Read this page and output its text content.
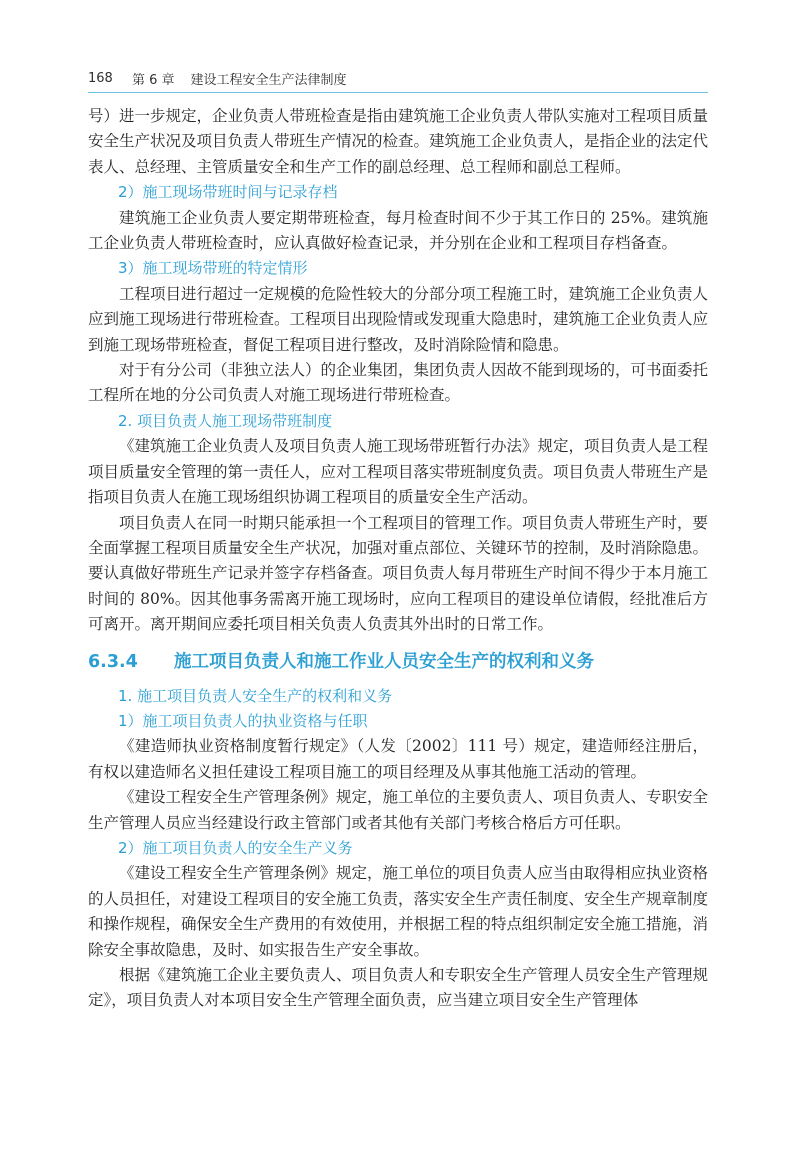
168	第 6 章 建设工程安全生产法律制度

号）进一步规定，企业负责人带班检查是指由建筑施工企业负责人带队实施对工程项目质量安全生产状况及项目负责人带班生产情况的检查。建筑施工企业负责人，是指企业的法定代表人、总经理、主管质量安全和生产工作的副总经理、总工程师和副总工程师。

2）施工现场带班时间与记录存档

建筑施工企业负责人要定期带班检查，每月检查时间不少于其工作日的 25%。建筑施工企业负责人带班检查时，应认真做好检查记录，并分别在企业和工程项目存档备查。

3）施工现场带班的特定情形

工程项目进行超过一定规模的危险性较大的分部分项工程施工时，建筑施工企业负责人应到施工现场进行带班检查。工程项目出现险情或发现重大隐患时，建筑施工企业负责人应到施工现场带班检查，督促工程项目进行整改，及时消除险情和隐患。

对于有分公司（非独立法人）的企业集团，集团负责人因故不能到现场的，可书面委托工程所在地的分公司负责人对施工现场进行带班检查。

2. 项目负责人施工现场带班制度

《建筑施工企业负责人及项目负责人施工现场带班暂行办法》规定，项目负责人是工程项目质量安全管理的第一责任人，应对工程项目落实带班制度负责。项目负责人带班生产是指项目负责人在施工现场组织协调工程项目的质量安全生产活动。

项目负责人在同一时期只能承担一个工程项目的管理工作。项目负责人带班生产时，要全面掌握工程项目质量安全生产状况，加强对重点部位、关键环节的控制，及时消除隐患。要认真做好带班生产记录并签字存档备查。项目负责人每月带班生产时间不得少于本月施工时间的 80%。因其他事务需离开施工现场时，应向工程项目的建设单位请假，经批准后方可离开。离开期间应委托项目相关负责人负责其外出时的日常工作。

6.3.4 施工项目负责人和施工作业人员安全生产的权利和义务
1. 施工项目负责人安全生产的权利和义务
1）施工项目负责人的执业资格与任职

《建造师执业资格制度暂行规定》（人发〔2002〕111 号）规定，建造师经注册后，有权以建造师名义担任建设工程项目施工的项目经理及从事其他施工活动的管理。

《建设工程安全生产管理条例》规定，施工单位的主要负责人、项目负责人、专职安全生产管理人员应当经建设行政主管部门或者其他有关部门考核合格后方可任职。

2）施工项目负责人的安全生产义务

《建设工程安全生产管理条例》规定，施工单位的项目负责人应当由取得相应执业资格的人员担任，对建设工程项目的安全施工负责，落实安全生产责任制度、安全生产规章制度和操作规程，确保安全生产费用的有效使用，并根据工程的特点组织制定安全施工措施，消除安全事故隐患，及时、如实报告生产安全事故。

根据《建筑施工企业主要负责人、项目负责人和专职安全生产管理人员安全生产管理规定》，项目负责人对本项目安全生产管理全面负责，应当建立项目安全生产管理体
